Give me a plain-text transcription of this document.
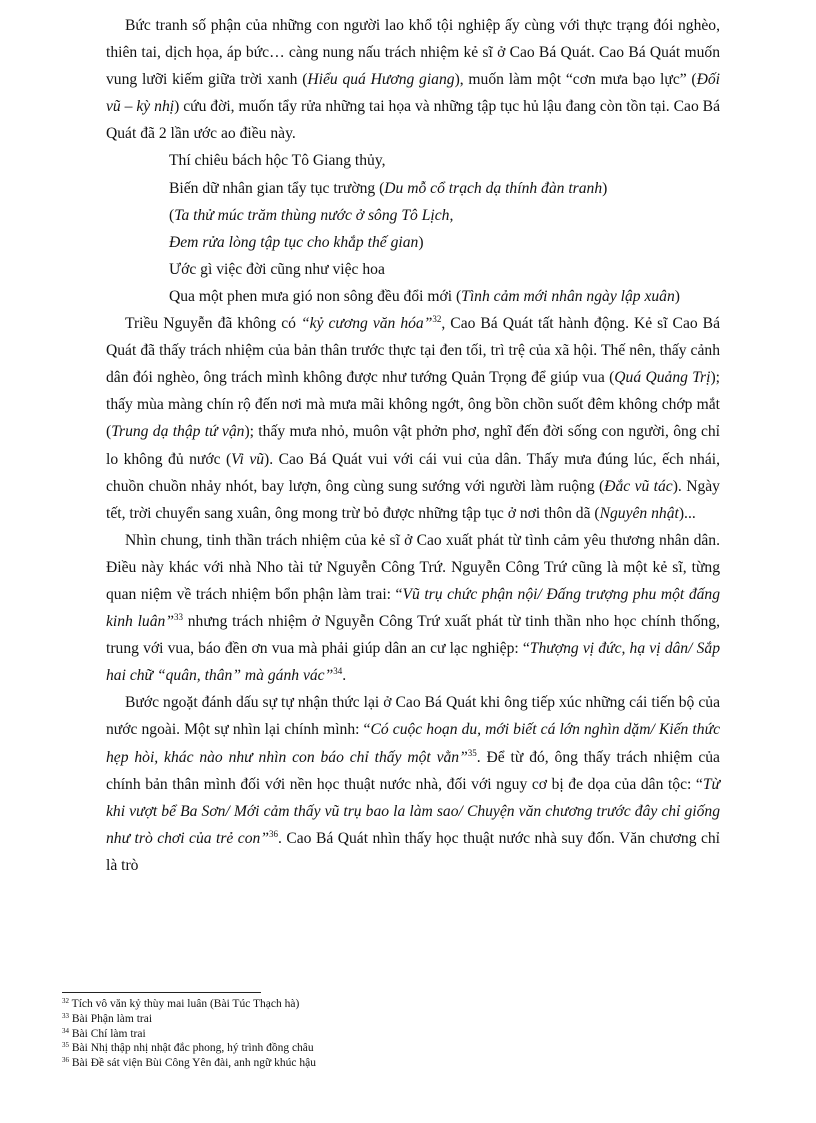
Bức tranh số phận của những con người lao khổ tội nghiệp ấy cùng với thực trạng đói nghèo, thiên tai, dịch họa, áp bức… càng nung nấu trách nhiệm kẻ sĩ ở Cao Bá Quát. Cao Bá Quát muốn vung lưỡi kiếm giữa trời xanh (Hiểu quá Hương giang), muốn làm một “cơn mưa bạo lực” (Đối vũ – kỳ nhị) cứu đời, muốn tẩy rửa những tai họa và những tập tục hủ lậu đang còn tồn tại. Cao Bá Quát đã 2 lần ước ao điều này.

Thí chiêu bách hộc Tô Giang thủy,
Biến dữ nhân gian tẩy tục trường (Du mỗ cổ trạch dạ thính đàn tranh)
(Ta thử múc trăm thùng nước ở sông Tô Lịch,
Đem rửa lòng tập tục cho khắp thế gian)
Ước gì việc đời cũng như việc hoa
Qua một phen mưa gió non sông đều đổi mới (Tình cảm mới nhân ngày lập xuân)

Triều Nguyễn đã không có “kỷ cương văn hóa”$^{32}$, Cao Bá Quát tất hành động. Kẻ sĩ Cao Bá Quát đã thấy trách nhiệm của bản thân trước thực tại đen tối, trì trệ của xã hội. Thế nên, thấy cảnh dân đói nghèo, ông trách mình không được như tướng Quản Trọng để giúp vua (Quá Quảng Trị); thấy mùa màng chín rộ đến nơi mà mưa mãi không ngớt, ông bồn chồn suốt đêm không chớp mắt (Trung dạ thập tứ vận); thấy mưa nhỏ, muôn vật phởn phơ, nghĩ đến đời sống con người, ông chỉ lo không đủ nước (Vi vũ). Cao Bá Quát vui với cái vui của dân. Thấy mưa đúng lúc, ếch nhái, chuồn chuồn nhảy nhót, bay lượn, ông cùng sung sướng với người làm ruộng (Đắc vũ tác). Ngày tết, trời chuyển sang xuân, ông mong trừ bỏ được những tập tục ở nơi thôn dã (Nguyên nhật)...

Nhìn chung, tinh thần trách nhiệm của kẻ sĩ ở Cao xuất phát từ tình cảm yêu thương nhân dân. Điều này khác với nhà Nho tài tử Nguyễn Công Trứ. Nguyễn Công Trứ cũng là một kẻ sĩ, từng quan niệm về trách nhiệm bổn phận làm trai: “Vũ trụ chức phận nội/ Đấng trượng phu một đấng kinh luân”$^{33}$ nhưng trách nhiệm ở Nguyễn Công Trứ xuất phát từ tinh thần nho học chính thống, trung với vua, báo đền ơn vua mà phải giúp dân an cư lạc nghiệp: “Thượng vị đức, hạ vị dân/ Sắp hai chữ “quân, thân” mà gánh vác”$^{34}$.

Bước ngoặt đánh dấu sự tự nhận thức lại ở Cao Bá Quát khi ông tiếp xúc những cái tiến bộ của nước ngoài. Một sự nhìn lại chính mình: “Có cuộc hoạn du, mới biết cá lớn nghìn dặm/ Kiến thức hẹp hòi, khác nào như nhìn con báo chỉ thấy một vằn”$^{35}$. Để từ đó, ông thấy trách nhiệm của chính bản thân mình đối với nền học thuật nước nhà, đối với nguy cơ bị đe dọa của dân tộc: “Từ khi vượt bể Ba Sơn/ Mới cảm thấy vũ trụ bao la làm sao/ Chuyện văn chương trước đây chỉ giống như trò chơi của trẻ con”$^{36}$. Cao Bá Quát nhìn thấy học thuật nước nhà suy đốn. Văn chương chỉ là trò

$^{32}$ Tích vô văn kỷ thùy mai luân (Bài Túc Thạch hà)
$^{33}$ Bài Phận làm trai
$^{34}$ Bài Chí làm trai
$^{35}$ Bài Nhị thập nhị nhật đắc phong, hý trình đồng châu
$^{36}$ Bài Đề sát viện Bùi Công Yên đài, anh ngữ khúc hậu
